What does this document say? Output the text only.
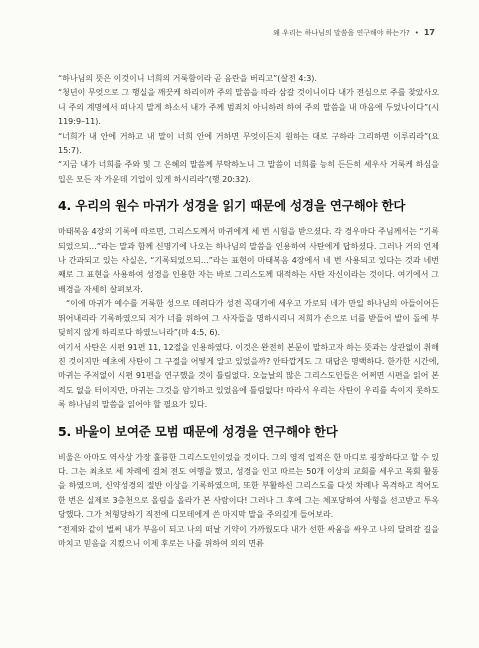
왜 우리는 하나님의 말씀을 연구해야 하는가? • 17

“하나님의 뜻은 이것이니 너희의 거룩함이라 곧 음란을 버리고”(살전 4:3).

“청년이 무엇으로 그 행실을 깨끗케 하리이까 주의 말씀을 따라 삼갈 것이니이다 내가 전심으로 주를 찾았사오니 주의 계명에서 떠나지 말게 하소서 내가 주께 범죄치 아니하려 하여 주의 말씀을 내 마음에 두었나이다”(시 119:9–11).

“너희가 내 안에 거하고 내 말이 너희 안에 거하면 무엇이든지 원하는 대로 구하라 그리하면 이루리라”(요 15:7).

“지금 내가 너희를 주와 및 그 은혜의 말씀께 부탁하노니 그 말씀이 너희를 능히 든든히 세우사 거룩케 하심을 입은 모든 자 가운데 기업이 있게 하시리라”(행 20:32).

4. 우리의 원수 마귀가 성경을 읽기 때문에 성경을 연구해야 한다

마태복음 4장의 기록에 따르면, 그리스도께서 마귀에게 세 번 시험을 받으셨다. 각 경우마다 주님께서는 “기록되었으되…”라는 말과 함께 신명기에 나오는 하나님의 말씀을 인용하여 사탄에게 답하셨다. 그러나 거의 언제나 간과되고 있는 사실은, “기록되었으되…”라는 표현이 마태복음 4장에서 네 번 사용되고 있다는 것과 네번째로 그 표현을 사용하여 성경을 인용한 자는 바로 그리스도께 대적하는 사탄 자신이라는 것이다. 여기에서 그 배경을 자세히 살펴보자.

“이에 마귀가 예수를 거룩한 성으로 데려다가 성전 꼭대기에 세우고 가로되 네가 만일 하나님의 아들이어든 뛰어내리라 기록하였으되 저가 너를 위하여 그 사자들을 명하시리니 저희가 손으로 너를 받들어 발이 돌에 부딪히지 않게 하리로다 하였느니라”(마 4:5, 6).

여기서 사탄은 시편 91편 11, 12절을 인용하였다. 이것은 완전히 본문이 말하고자 하는 뜻과는 상관없이 취해진 것이지만 예초에 사탄이 그 구절을 어떻게 알고 있었을까? 안타깝게도 그 대답은 명백하다. 한가한 시간에, 마귀는 주저없이 시편 91편을 연구했을 것이 틀림없다. 오늘날의 많은 그리스도인들은 어쩌면 시편을 읽어 본 적도 없을 터이지만, 마귀는 그것을 암기하고 있었음에 틀림없다! 따라서 우리는 사탄이 우리를 속이지 못하도록 하나님의 말씀을 읽어야 할 필요가 있다.

5. 바울이 보여준 모범 때문에 성경을 연구해야 한다

비울은 아마도 역사상 가장 훌륭한 그리스도인이었을 것이다. 그의 영적 업적은 한 마디로 굉장하다고 할 수 있다. 그는 최초로 세 차례에 걸쳐 전도 여행을 했고, 성경을 인고 따르는 50개 이상의 교회를 세우고 목회 활동을 하였으며, 신약성경의 절반 이상을 기록하였으며, 또한 부활하신 그리스도를 다섯 차례나 목격하고 적어도 한 번은 실제로 3층천으로 올림을 올라가 본 사람이다! 그러나 그 후에 그는 체포당하여 사형을 선고받고 투옥당했다. 그가 처형당하기 직전에 디모데에게 쓴 마지막 말을 주의깊게 들어보라.

“전제와 같이 벌써 내가 부음이 되고 나의 떠날 기약이 가까웠도다 내가 선한 싸움을 싸우고 나의 달려갈 길을 마치고 믿음을 지켰으니 이제 후로는 나를 위하여 의의 면류
